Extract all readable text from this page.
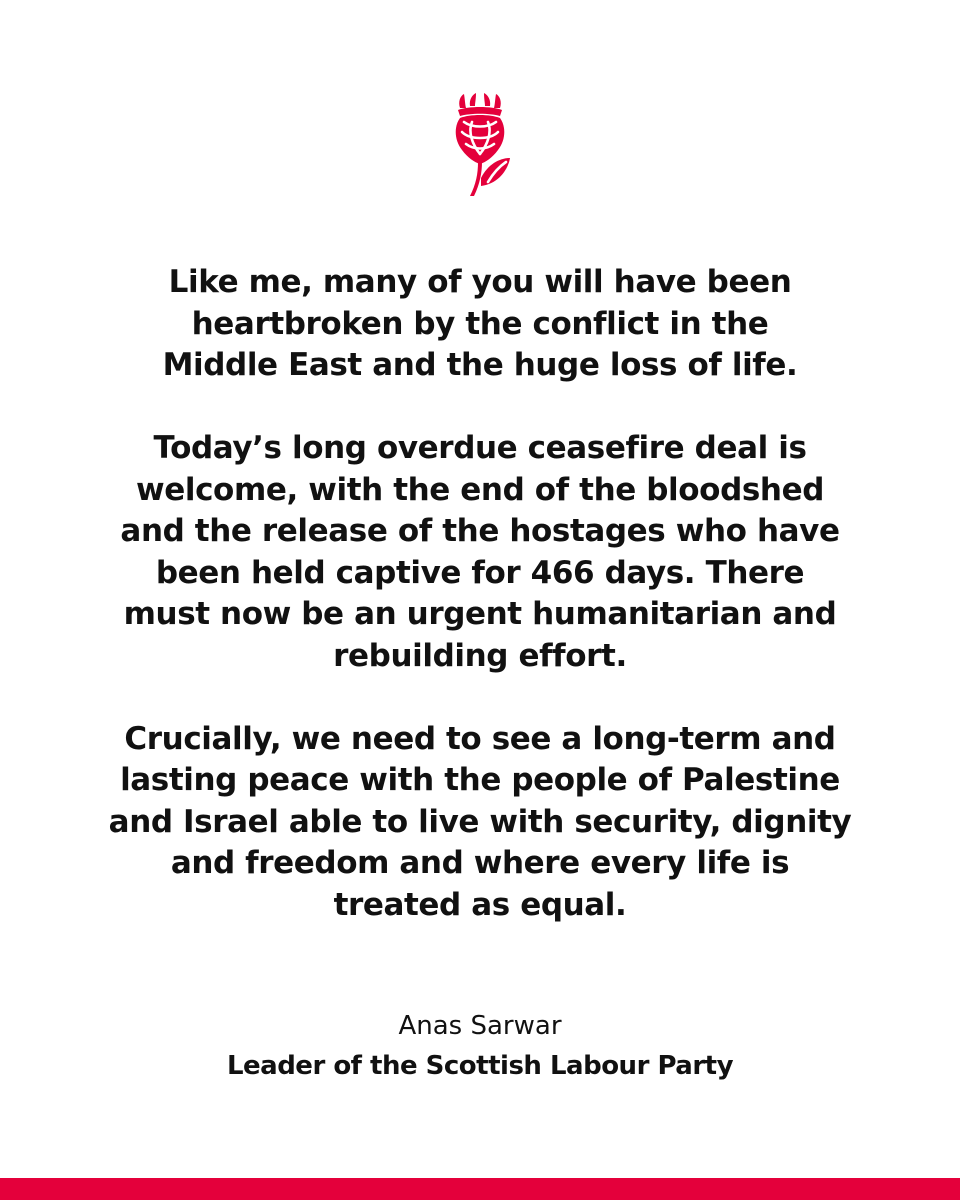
Like me, many of you will have been
heartbroken by the conflict in the
Middle East and the huge loss of life.

Today’s long overdue ceasefire deal is
welcome, with the end of the bloodshed
and the release of the hostages who have
been held captive for 466 days. There
must now be an urgent humanitarian and
rebuilding effort.

Crucially, we need to see a long-term and
lasting peace with the people of Palestine
and Israel able to live with security, dignity
and freedom and where every life is
treated as equal.

Anas Sarwar
Leader of the Scottish Labour Party
